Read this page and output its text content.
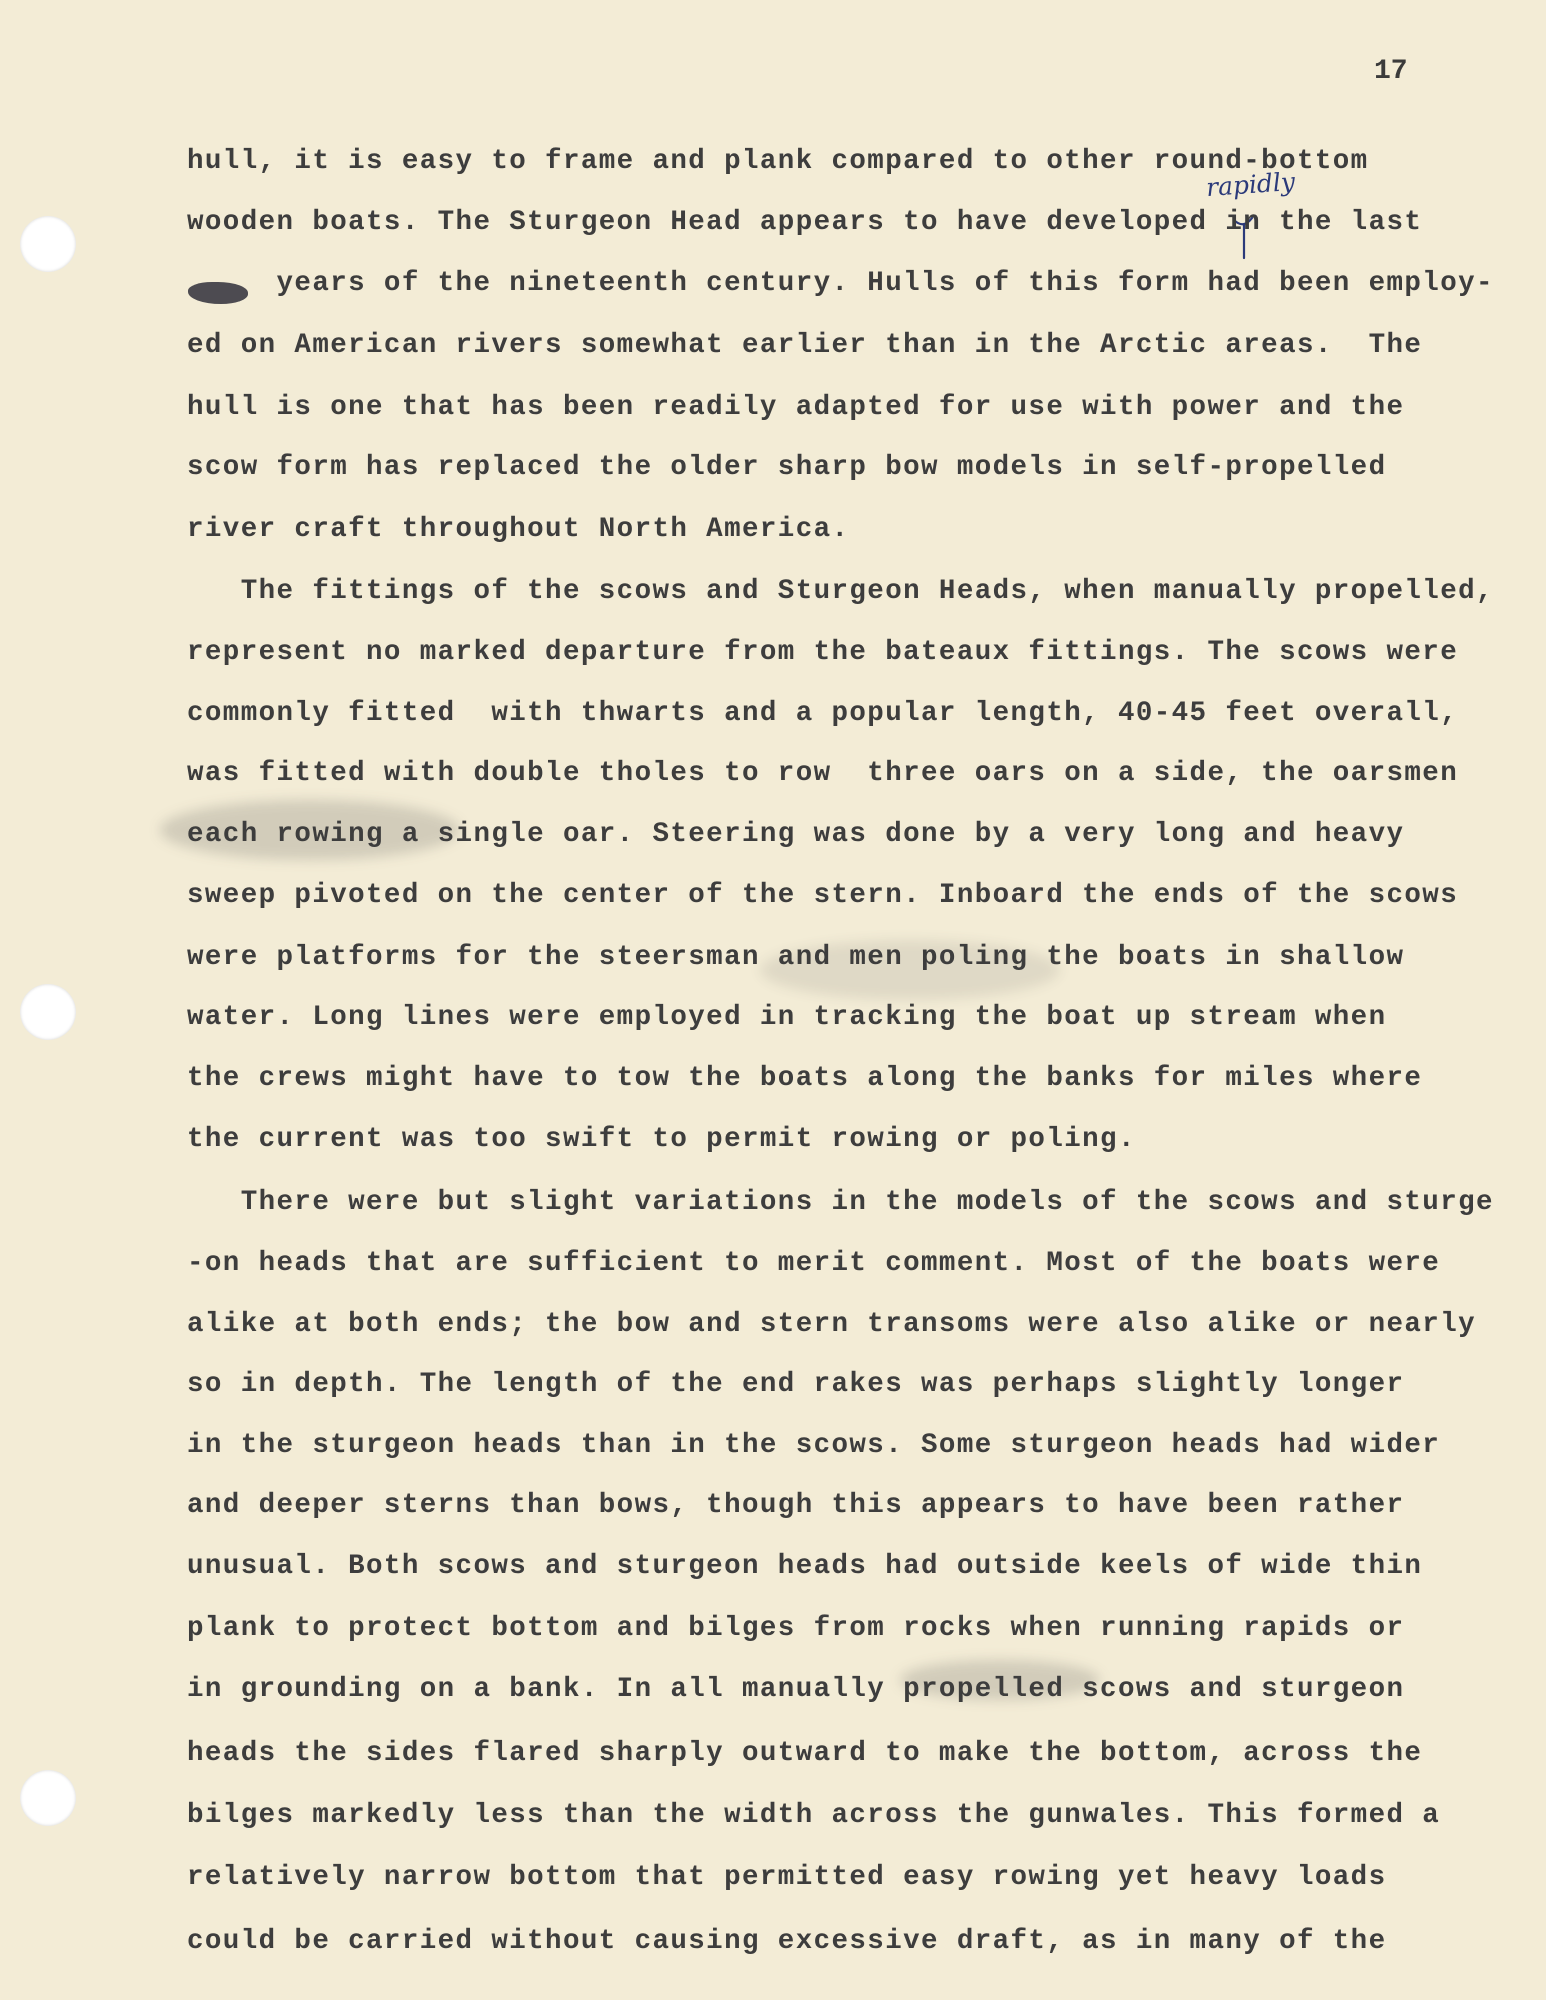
17
rapidly
hull, it is easy to frame and plank compared to other round-bottom
wooden boats. The Sturgeon Head appears to have developed in the last
years of the nineteenth century. Hulls of this form had been employ-
ed on American rivers somewhat earlier than in the Arctic areas.  The
hull is one that has been readily adapted for use with power and the
scow form has replaced the older sharp bow models in self-propelled
river craft throughout North America.
The fittings of the scows and Sturgeon Heads, when manually propelled,
represent no marked departure from the bateaux fittings. The scows were
commonly fitted  with thwarts and a popular length, 40-45 feet overall,
was fitted with double tholes to row  three oars on a side, the oarsmen
each rowing a single oar. Steering was done by a very long and heavy
sweep pivoted on the center of the stern. Inboard the ends of the scows
were platforms for the steersman and men poling the boats in shallow
water. Long lines were employed in tracking the boat up stream when
the crews might have to tow the boats along the banks for miles where
the current was too swift to permit rowing or poling.
There were but slight variations in the models of the scows and sturge
-on heads that are sufficient to merit comment. Most of the boats were
alike at both ends; the bow and stern transoms were also alike or nearly
so in depth. The length of the end rakes was perhaps slightly longer
in the sturgeon heads than in the scows. Some sturgeon heads had wider
and deeper sterns than bows, though this appears to have been rather
unusual. Both scows and sturgeon heads had outside keels of wide thin
plank to protect bottom and bilges from rocks when running rapids or
in grounding on a bank. In all manually propelled scows and sturgeon
heads the sides flared sharply outward to make the bottom, across the
bilges markedly less than the width across the gunwales. This formed a
relatively narrow bottom that permitted easy rowing yet heavy loads
could be carried without causing excessive draft, as in many of the
